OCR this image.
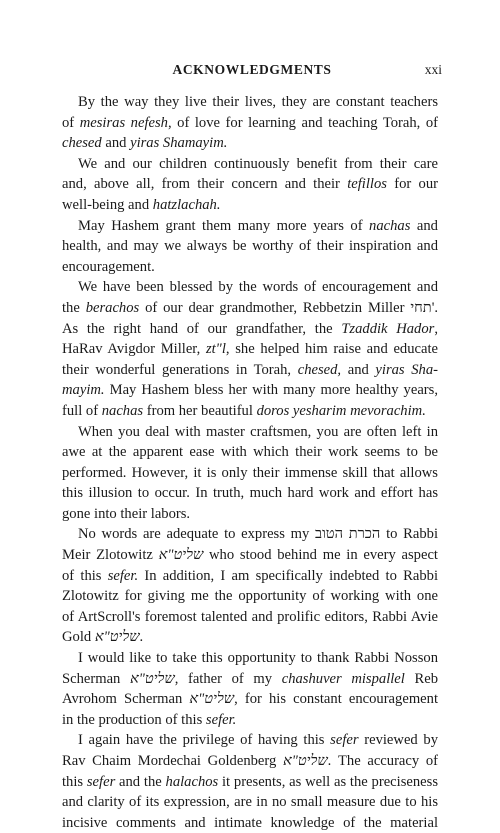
ACKNOWLEDGMENTS	xxi
By the way they live their lives, they are constant teachers
of mesiras nefesh, of love for learning and teaching Torah, of
chesed and yiras Shamayim.
We and our children continuously benefit from their care
and, above all, from their concern and their tefillos for our
well-being and hatzlachah.
May Hashem grant them many more years of nachas and
health, and may we always be worthy of their inspiration and
encouragement.
We have been blessed by the words of encouragement and
the berachos of our dear grandmother, Rebbetzin Miller תחי'.
As the right hand of our grandfather, the Tzaddik Hador,
HaRav Avigdor Miller, zt"l, she helped him raise and educate
their wonderful generations in Torah, chesed, and yiras Sha-
mayim. May Hashem bless her with many more healthy years,
full of nachas from her beautiful doros yesharim mevorachim.
When you deal with master craftsmen, you are often left in
awe at the apparent ease with which their work seems to be
performed. However, it is only their immense skill that allows
this illusion to occur. In truth, much hard work and effort has
gone into their labors.
No words are adequate to express my הכרת הטוב to Rabbi
Meir Zlotowitz שליט"א who stood behind me in every aspect
of this sefer. In addition, I am specifically indebted to Rabbi
Zlotowitz for giving me the opportunity of working with one
of ArtScroll's foremost talented and prolific editors, Rabbi Avie
Gold שליט"א.
I would like to take this opportunity to thank Rabbi Nosson
Scherman שליט"א, father of my chashuver mispallel Reb
Avrohom Scherman שליט"א, for his constant encouragement
in the production of this sefer.
I again have the privilege of having this sefer reviewed by
Rav Chaim Mordechai Goldenberg שליט"א. The accuracy of
this sefer and the halachos it presents, as well as the preciseness
and clarity of its expression, are in no small measure due to his
incisive comments and intimate knowledge of the material
